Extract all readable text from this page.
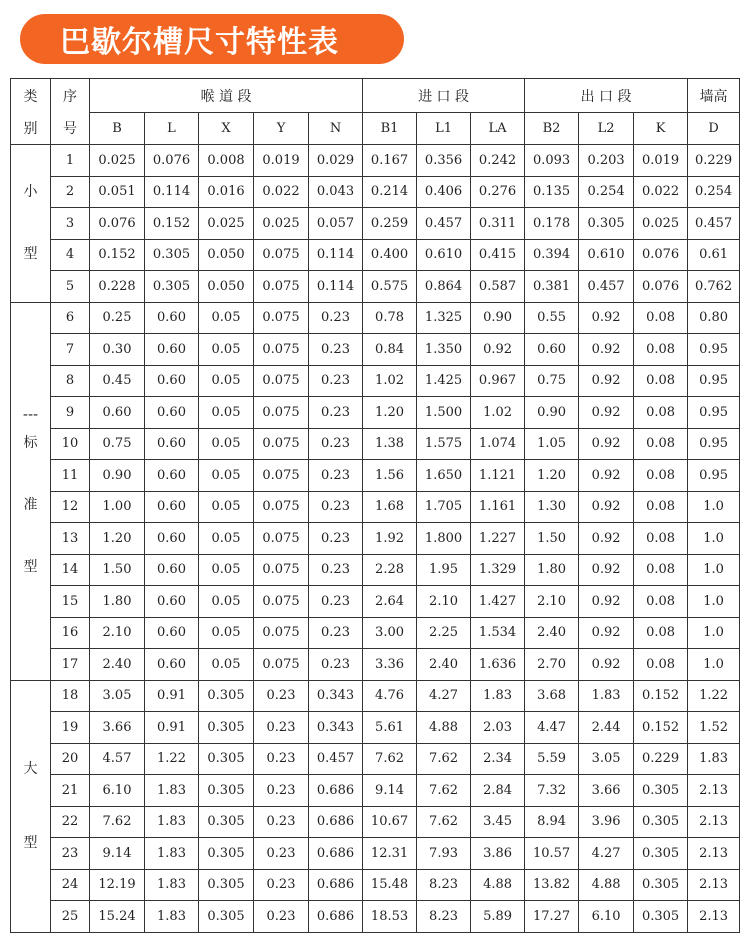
巴歇尔槽尺寸特性表
类	序	喉 道 段					进 口 段			出 口 段			墙高
别	号	B	L	X	Y	N	B1	L1	LA	B2	L2	K	D

小
型	1	0.025	0.076	0.008	0.019	0.029	0.167	0.356	0.242	0.093	0.203	0.019	0.229
	2	0.051	0.114	0.016	0.022	0.043	0.214	0.406	0.276	0.135	0.254	0.022	0.254
	3	0.076	0.152	0.025	0.025	0.057	0.259	0.457	0.311	0.178	0.305	0.025	0.457
	4	0.152	0.305	0.050	0.075	0.114	0.400	0.610	0.415	0.394	0.610	0.076	0.61
	5	0.228	0.305	0.050	0.075	0.114	0.575	0.864	0.587	0.381	0.457	0.076	0.762

---
标
准
型	6	0.25	0.60	0.05	0.075	0.23	0.78	1.325	0.90	0.55	0.92	0.08	0.80
	7	0.30	0.60	0.05	0.075	0.23	0.84	1.350	0.92	0.60	0.92	0.08	0.95
	8	0.45	0.60	0.05	0.075	0.23	1.02	1.425	0.967	0.75	0.92	0.08	0.95
	9	0.60	0.60	0.05	0.075	0.23	1.20	1.500	1.02	0.90	0.92	0.08	0.95
	10	0.75	0.60	0.05	0.075	0.23	1.38	1.575	1.074	1.05	0.92	0.08	0.95
	11	0.90	0.60	0.05	0.075	0.23	1.56	1.650	1.121	1.20	0.92	0.08	0.95
	12	1.00	0.60	0.05	0.075	0.23	1.68	1.705	1.161	1.30	0.92	0.08	1.0
	13	1.20	0.60	0.05	0.075	0.23	1.92	1.800	1.227	1.50	0.92	0.08	1.0
	14	1.50	0.60	0.05	0.075	0.23	2.28	1.95	1.329	1.80	0.92	0.08	1.0
	15	1.80	0.60	0.05	0.075	0.23	2.64	2.10	1.427	2.10	0.92	0.08	1.0
	16	2.10	0.60	0.05	0.075	0.23	3.00	2.25	1.534	2.40	0.92	0.08	1.0
	17	2.40	0.60	0.05	0.075	0.23	3.36	2.40	1.636	2.70	0.92	0.08	1.0

大
型	18	3.05	0.91	0.305	0.23	0.343	4.76	4.27	1.83	3.68	1.83	0.152	1.22
	19	3.66	0.91	0.305	0.23	0.343	5.61	4.88	2.03	4.47	2.44	0.152	1.52
	20	4.57	1.22	0.305	0.23	0.457	7.62	7.62	2.34	5.59	3.05	0.229	1.83
	21	6.10	1.83	0.305	0.23	0.686	9.14	7.62	2.84	7.32	3.66	0.305	2.13
	22	7.62	1.83	0.305	0.23	0.686	10.67	7.62	3.45	8.94	3.96	0.305	2.13
	23	9.14	1.83	0.305	0.23	0.686	12.31	7.93	3.86	10.57	4.27	0.305	2.13
	24	12.19	1.83	0.305	0.23	0.686	15.48	8.23	4.88	13.82	4.88	0.305	2.13
	25	15.24	1.83	0.305	0.23	0.686	18.53	8.23	5.89	17.27	6.10	0.305	2.13
